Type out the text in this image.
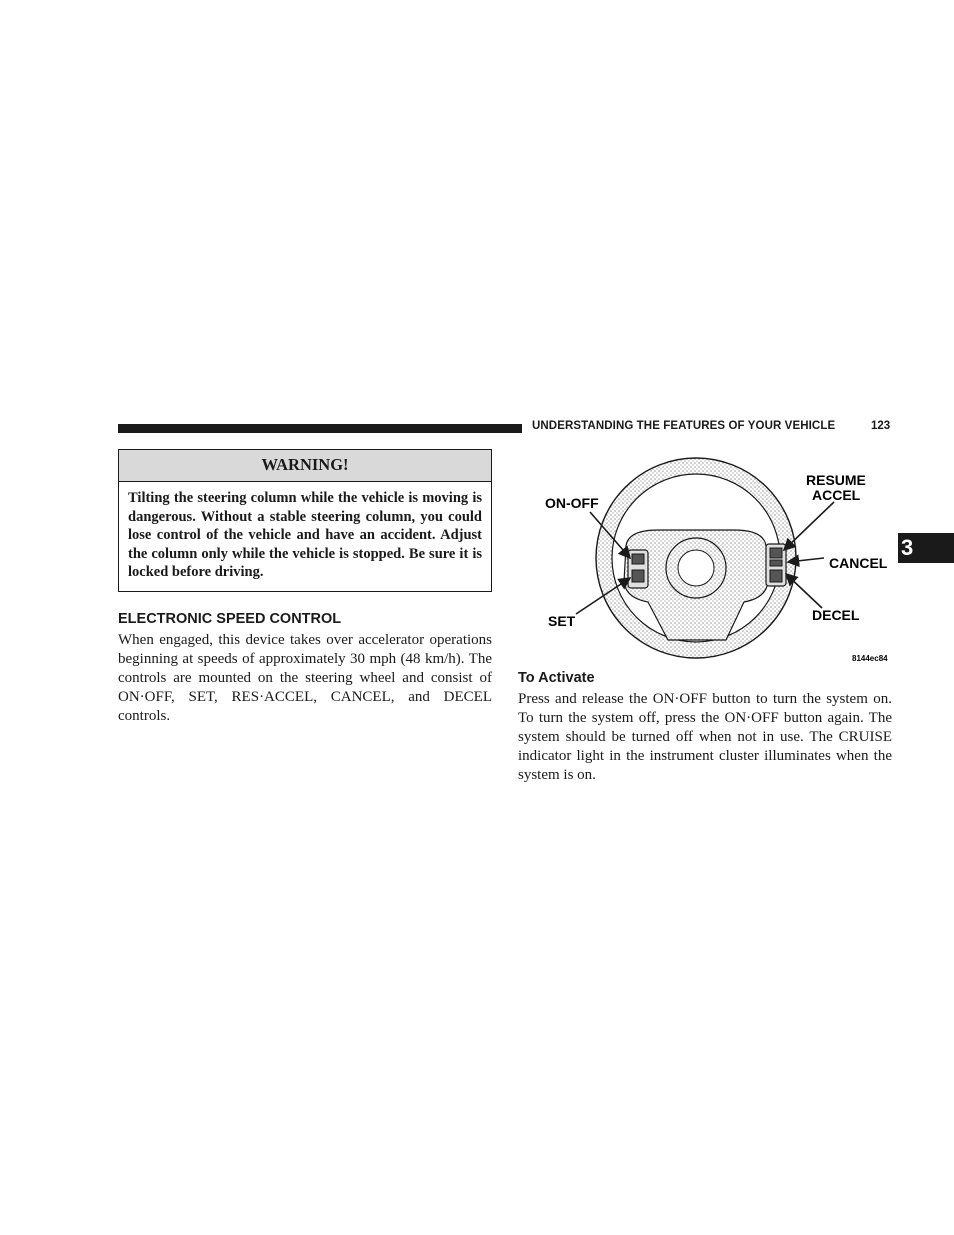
UNDERSTANDING THE FEATURES OF YOUR VEHICLE	123
3
WARNING!
Tilting the steering column while the vehicle is moving is dangerous. Without a stable steering column, you could lose control of the vehicle and have an accident. Adjust the column only while the vehicle is stopped. Be sure it is locked before driving.
ELECTRONIC SPEED CONTROL
When engaged, this device takes over accelerator operations beginning at speeds of approximately 30 mph (48 km/h). The controls are mounted on the steering wheel and consist of ON·OFF, SET, RES·ACCEL, CANCEL, and DECEL controls.
ON-OFF
SET
RESUME
ACCEL
CANCEL
DECEL
8144ec84
To Activate
Press and release the ON·OFF button to turn the system on. To turn the system off, press the ON·OFF button again. The system should be turned off when not in use. The CRUISE indicator light in the instrument cluster illuminates when the system is on.
